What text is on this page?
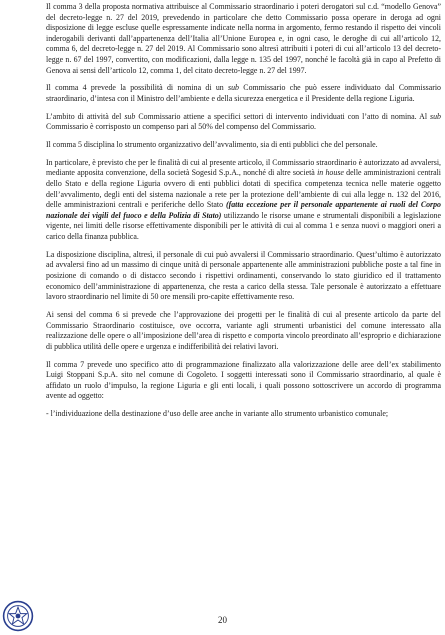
Il comma 3 della proposta normativa attribuisce al Commissario straordinario i poteri derogatori sul c.d. “modello Genova” del decreto-legge n. 27 del 2019, prevedendo in particolare che detto Commissario possa operare in deroga ad ogni disposizione di legge escluse quelle espressamente indicate nella norma in argomento, fermo restando il rispetto dei vincoli inderogabili derivanti dall’appartenenza dell’Italia all’Unione Europea e, in ogni caso, le deroghe di cui all’articolo 12, comma 6, del decreto-legge n. 27 del 2019. Al Commissario sono altresì attribuiti i poteri di cui all’articolo 13 del decreto-legge n. 67 del 1997, convertito, con modificazioni, dalla legge n. 135 del 1997, nonché le facoltà già in capo al Prefetto di Genova ai sensi dell’articolo 12, comma 1, del citato decreto-legge n. 27 del 1997.

Il comma 4 prevede la possibilità di nomina di un sub Commissario che può essere individuato dal Commissario straordinario, d’intesa con il Ministro dell’ambiente e della sicurezza energetica e il Presidente della regione Liguria.

L’ambito di attività del sub Commissario attiene a specifici settori di intervento individuati con l’atto di nomina. Al sub Commissario è corrisposto un compenso pari al 50% del compenso del Commissario.

Il comma 5 disciplina lo strumento organizzativo dell’avvalimento, sia di enti pubblici che del personale.

In particolare, è previsto che per le finalità di cui al presente articolo, il Commissario straordinario è autorizzato ad avvalersi, mediante apposita convenzione, della società Sogesid S.p.A., nonché di altre società in house delle amministrazioni centrali dello Stato e della regione Liguria ovvero di enti pubblici dotati di specifica competenza tecnica nelle materie oggetto dell’avvalimento, degli enti del sistema nazionale a rete per la protezione dell’ambiente di cui alla legge n. 132 del 2016, delle amministrazioni centrali e periferiche dello Stato (fatta eccezione per il personale appartenente ai ruoli del Corpo nazionale dei vigili del fuoco e della Polizia di Stato) utilizzando le risorse umane e strumentali disponibili a legislazione vigente, nei limiti delle risorse effettivamente disponibili per le attività di cui al comma 1 e senza nuovi o maggiori oneri a carico della finanza pubblica.

La disposizione disciplina, altresì, il personale di cui può avvalersi il Commissario straordinario. Quest’ultimo è autorizzato ad avvalersi fino ad un massimo di cinque unità di personale appartenente alle amministrazioni pubbliche poste a tal fine in posizione di comando o di distacco secondo i rispettivi ordinamenti, conservando lo stato giuridico ed il trattamento economico dell’amministrazione di appartenenza, che resta a carico della stessa. Tale personale è autorizzato a effettuare lavoro straordinario nel limite di 50 ore mensili pro-capite effettivamente reso.

Ai sensi del comma 6 si prevede che l’approvazione dei progetti per le finalità di cui al presente articolo da parte del Commissario Straordinario costituisce, ove occorra, variante agli strumenti urbanistici del comune interessato alla realizzazione delle opere o all’imposizione dell’area di rispetto e comporta vincolo preordinato all’esproprio e dichiarazione di pubblica utilità delle opere e urgenza e indifferibilità dei relativi lavori.

Il comma 7 prevede uno specifico atto di programmazione finalizzato alla valorizzazione delle aree dell’ex stabilimento Luigi Stoppani S.p.A. sito nel comune di Cogoleto. I soggetti interessati sono il Commissario straordinario, al quale è affidato un ruolo d’impulso, la regione Liguria e gli enti locali, i quali possono sottoscrivere un accordo di programma avente ad oggetto:

- l’individuazione della destinazione d’uso delle aree anche in variante allo strumento urbanistico comunale;

20
